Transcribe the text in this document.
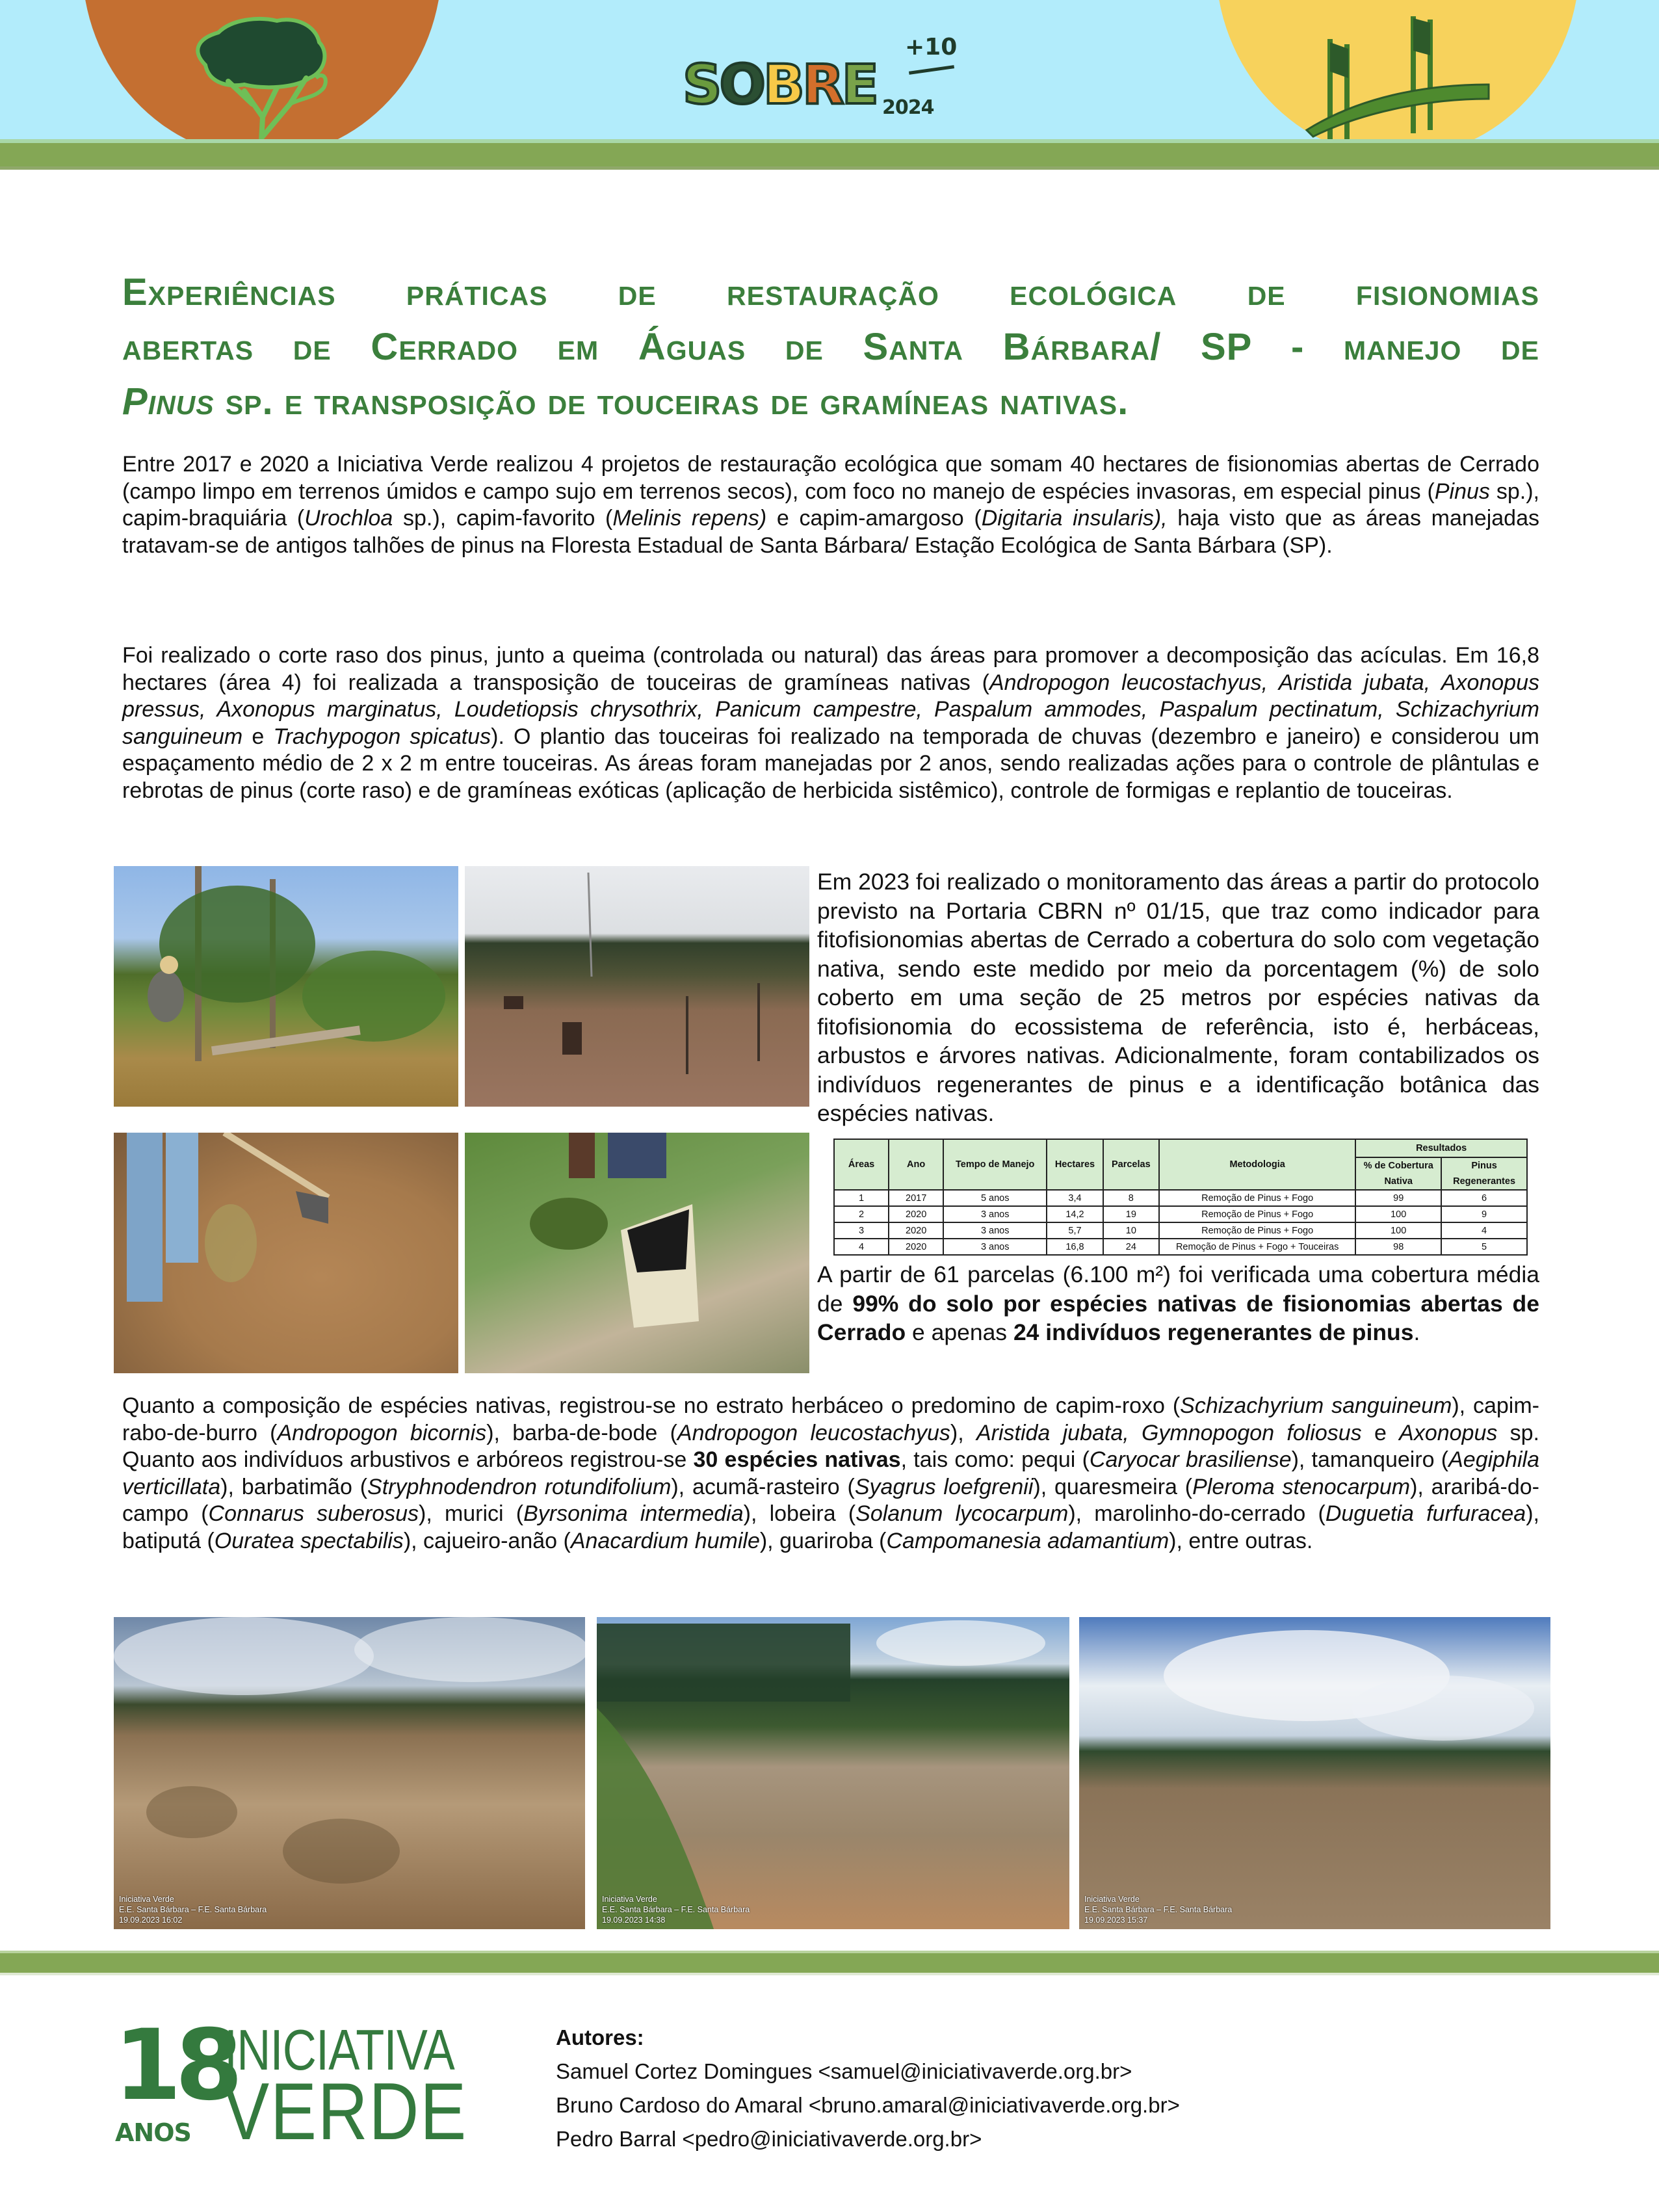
SOBRE
+10
2024
Experiências práticas de restauração ecológica de fisionomias
abertas de Cerrado em Águas de Santa Bárbara/ SP - manejo de
Pinus sp. e transposição de touceiras de gramíneas nativas.
Entre 2017 e 2020 a Iniciativa Verde realizou 4 projetos de restauração ecológica que somam 40 hectares de fisionomias abertas de Cerrado (campo limpo em terrenos úmidos e campo sujo em terrenos secos), com foco no manejo de espécies invasoras, em especial pinus (Pinus sp.), capim-braquiária (Urochloa sp.), capim-favorito (Melinis repens) e capim-amargoso (Digitaria insularis), haja visto que as áreas manejadas tratavam-se de antigos talhões de pinus na Floresta Estadual de Santa Bárbara/ Estação Ecológica de Santa Bárbara (SP).
Foi realizado o corte raso dos pinus, junto a queima (controlada ou natural) das áreas para promover a decomposição das acículas. Em 16,8 hectares (área 4) foi realizada a transposição de touceiras de gramíneas nativas (Andropogon leucostachyus, Aristida jubata, Axonopus pressus, Axonopus marginatus, Loudetiopsis chrysothrix, Panicum campestre, Paspalum ammodes, Paspalum pectinatum, Schizachyrium sanguineum e Trachypogon spicatus). O plantio das touceiras foi realizado na temporada de chuvas (dezembro e janeiro) e considerou um espaçamento médio de 2 x 2 m entre touceiras. As áreas foram manejadas por 2 anos, sendo realizadas ações para o controle de plântulas e rebrotas de pinus (corte raso) e de gramíneas exóticas (aplicação de herbicida sistêmico), controle de formigas e replantio de touceiras.
Em 2023 foi realizado o monitoramento das áreas a partir do protocolo previsto na Portaria CBRN nº 01/15, que traz como indicador para fitofisionomias abertas de Cerrado a cobertura do solo com vegetação nativa, sendo este medido por meio da porcentagem (%) de solo coberto em uma seção de 25 metros por espécies nativas da fitofisionomia do ecossistema de referência, isto é, herbáceas, arbustos e árvores nativas. Adicionalmente, foram contabilizados os indivíduos regenerantes de pinus e a identificação botânica das espécies nativas.
Áreas	Ano	Tempo de Manejo	Hectares	Parcelas	Metodologia	Resultados	
						% de Cobertura Nativa	Pinus Regenerantes
1	2017	5 anos	3,4	8	Remoção de Pinus + Fogo	99	6
2	2020	3 anos	14,2	19	Remoção de Pinus + Fogo	100	9
3	2020	3 anos	5,7	10	Remoção de Pinus + Fogo	100	4
4	2020	3 anos	16,8	24	Remoção de Pinus + Fogo + Touceiras	98	5
A partir de 61 parcelas (6.100 m²) foi verificada uma cobertura média de 99% do solo por espécies nativas de fisionomias abertas de Cerrado e apenas 24 indivíduos regenerantes de pinus.
Quanto a composição de espécies nativas, registrou-se no estrato herbáceo o predomino de capim-roxo (Schizachyrium sanguineum), capim-rabo-de-burro (Andropogon bicornis), barba-de-bode (Andropogon leucostachyus), Aristida jubata, Gymnopogon foliosus e Axonopus sp. Quanto aos indivíduos arbustivos e arbóreos registrou-se 30 espécies nativas, tais como: pequi (Caryocar brasiliense), tamanqueiro (Aegiphila verticillata), barbatimão (Stryphnodendron rotundifolium), acumã-rasteiro (Syagrus loefgrenii), quaresmeira (Pleroma stenocarpum), araribá-do-campo (Connarus suberosus), murici (Byrsonima intermedia), lobeira (Solanum lycocarpum), marolinho-do-cerrado (Duguetia furfuracea), batiputá (Ouratea spectabilis), cajueiro-anão (Anacardium humile), guariroba (Campomanesia adamantium), entre outras.
Iniciativa Verde
E.E. Santa Bárbara – F.E. Santa Bárbara
19.09.2023 16:02
Iniciativa Verde
E.E. Santa Bárbara – F.E. Santa Bárbara
19.09.2023 14:38
Iniciativa Verde
E.E. Santa Bárbara – F.E. Santa Bárbara
19.09.2023 15:37
18
ANOS
INICIATIVA
VERDE
Autores:
Samuel Cortez Domingues <samuel@iniciativaverde.org.br>
Bruno Cardoso do Amaral <bruno.amaral@iniciativaverde.org.br>
Pedro Barral <pedro@iniciativaverde.org.br>
